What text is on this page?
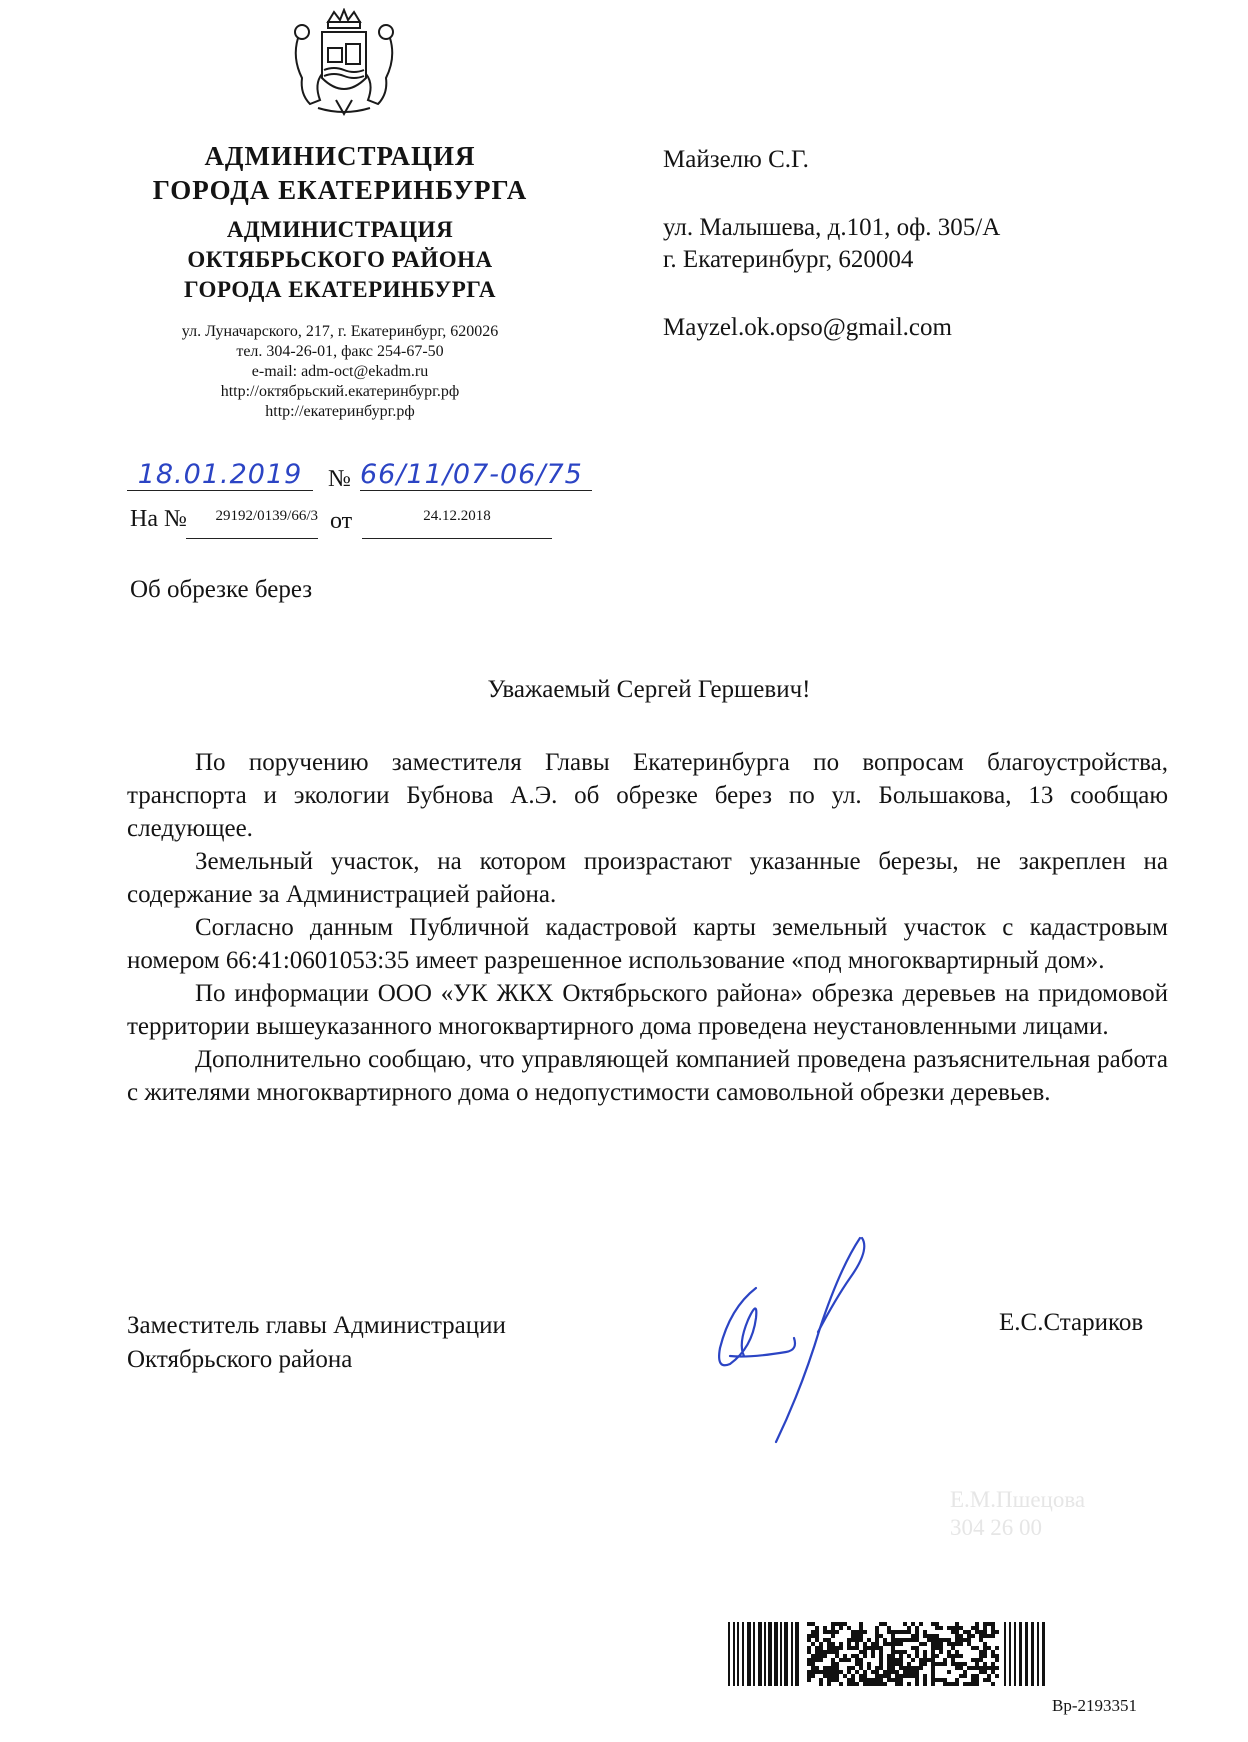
АДМИНИСТРАЦИЯ
ГОРОДА ЕКАТЕРИНБУРГА
АДМИНИСТРАЦИЯ
ОКТЯБРЬСКОГО РАЙОНА
ГОРОДА ЕКАТЕРИНБУРГА
ул. Луначарского, 217, г. Екатеринбург, 620026
тел. 304-26-01, факс 254-67-50
e-mail: adm-oct@ekadm.ru
http://октябрьский.екатеринбург.рф
http://екатеринбург.рф
Майзелю С.Г.
ул. Малышева, д.101, оф. 305/А
г. Екатеринбург, 620004
Mayzel.ok.opso@gmail.com
18.01.2019	№ 66/11/07-06/75
На №	29192/0139/66/3 от	24.12.2018
Об обрезке берез
Уважаемый Сергей Гершевич!

По поручению заместителя Главы Екатеринбурга по вопросам благоустройства, транспорта и экологии Бубнова А.Э. об обрезке берез по ул. Большакова, 13 сообщаю следующее.

Земельный участок, на котором произрастают указанные березы, не закреплен на содержание за Администрацией района.

Согласно данным Публичной кадастровой карты земельный участок с кадастровым номером 66:41:0601053:35 имеет разрешенное использование «под многоквартирный дом».

По информации ООО «УК ЖКХ Октябрьского района» обрезка деревьев на придомовой территории вышеуказанного многоквартирного дома проведена неустановленными лицами.

Дополнительно сообщаю, что управляющей компанией проведена разъяснительная работа с жителями многоквартирного дома о недопустимости самовольной обрезки деревьев.

Заместитель главы Администрации
Октябрьского района
Е.С.Стариков
Е.М.Пшецова
304 26 00
Вр-2193351
